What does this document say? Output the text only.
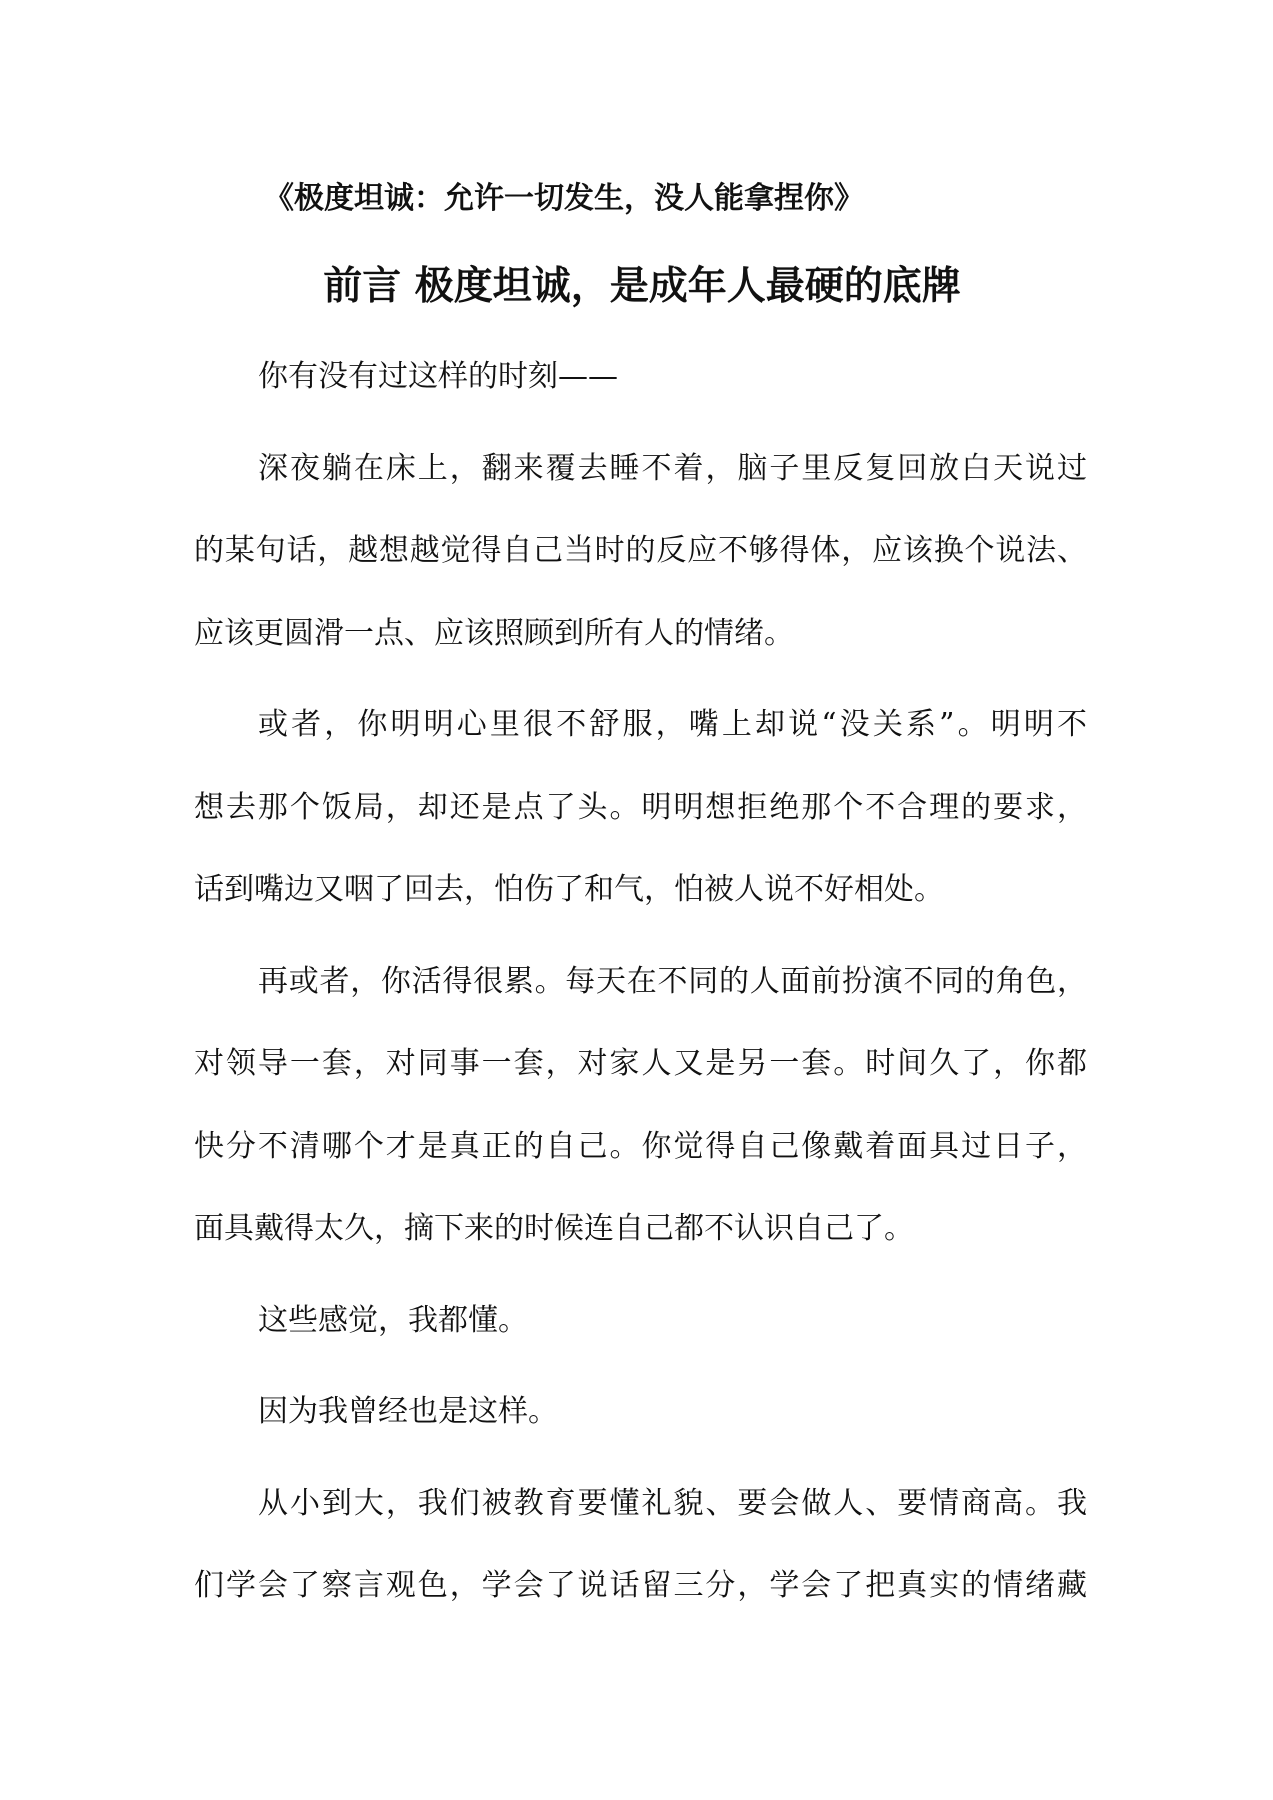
《极度坦诚：允许一切发生，没人能拿捏你》
前言 极度坦诚，是成年人最硬的底牌
你有没有过这样的时刻——
深夜躺在床上，翻来覆去睡不着，脑子里反复回放白天说过
的某句话，越想越觉得自己当时的反应不够得体，应该换个说法、
应该更圆滑一点、应该照顾到所有人的情绪。
或者，你明明心里很不舒服，嘴上却说“没关系”。明明不
想去那个饭局，却还是点了头。明明想拒绝那个不合理的要求，
话到嘴边又咽了回去，怕伤了和气，怕被人说不好相处。
再或者，你活得很累。每天在不同的人面前扮演不同的角色，
对领导一套，对同事一套，对家人又是另一套。时间久了，你都
快分不清哪个才是真正的自己。你觉得自己像戴着面具过日子，
面具戴得太久，摘下来的时候连自己都不认识自己了。
这些感觉，我都懂。
因为我曾经也是这样。
从小到大，我们被教育要懂礼貌、要会做人、要情商高。我
们学会了察言观色，学会了说话留三分，学会了把真实的情绪藏
